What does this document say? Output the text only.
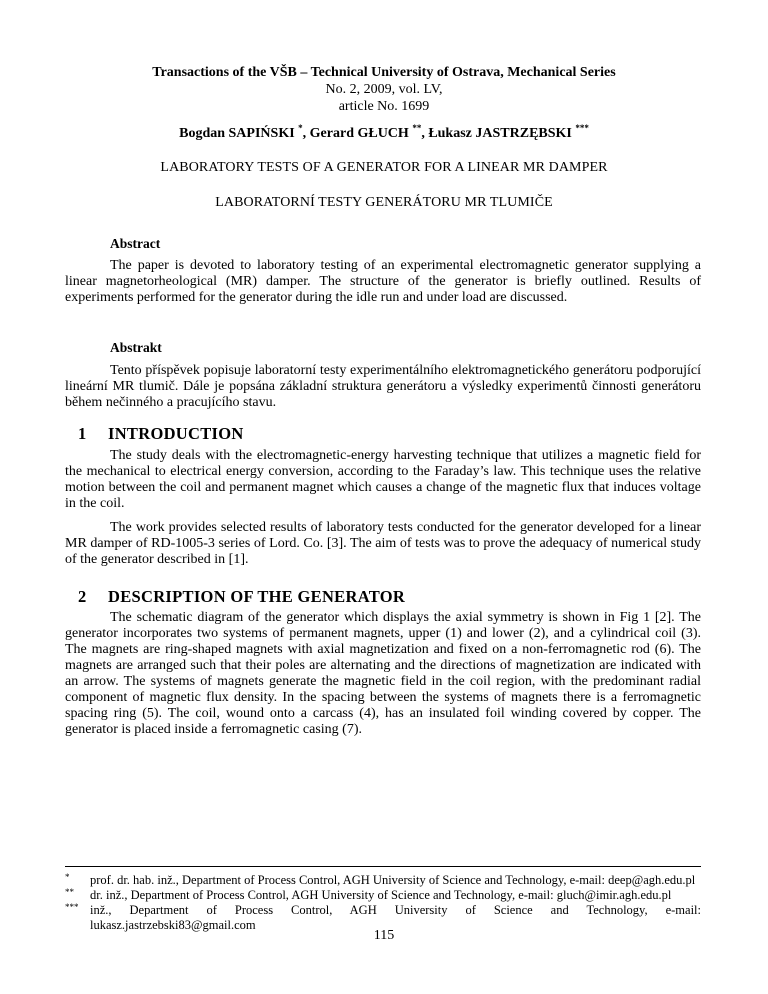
Transactions of the VŠB – Technical University of Ostrava, Mechanical Series
No. 2, 2009, vol. LV,
article No. 1699
Bogdan SAPIŃSKI *, Gerard GŁUCH **, Łukasz JASTRZĘBSKI ***
LABORATORY TESTS OF A GENERATOR FOR A LINEAR MR DAMPER
LABORATORNÍ TESTY GENERÁTORU MR TLUMIČE
Abstract

The paper is devoted to laboratory testing of an experimental electromagnetic generator supplying a linear magnetorheological (MR) damper. The structure of the generator is briefly outlined. Results of experiments performed for the generator during the idle run and under load are discussed.

Abstrakt

Tento příspěvek popisuje laboratorní testy experimentálního elektromagnetického generátoru podporující lineární MR tlumič. Dále je popsána základní struktura generátoru a výsledky experimentů činnosti generátoru během nečinného a pracujícího stavu.

1 INTRODUCTION

The study deals with the electromagnetic-energy harvesting technique that utilizes a magnetic field for the mechanical to electrical energy conversion, according to the Faraday’s law. This technique uses the relative motion between the coil and permanent magnet which causes a change of the magnetic flux that induces voltage in the coil.

The work provides selected results of laboratory tests conducted for the generator developed for a linear MR damper of RD-1005-3 series of Lord. Co. [3]. The aim of tests was to prove the adequacy of numerical study of the generator described in [1].

2 DESCRIPTION OF THE GENERATOR

The schematic diagram of the generator which displays the axial symmetry is shown in Fig 1 [2]. The generator incorporates two systems of permanent magnets, upper (1) and lower (2), and a cylindrical coil (3). The magnets are ring-shaped magnets with axial magnetization and fixed on a non-ferromagnetic rod (6). The magnets are arranged such that their poles are alternating and the directions of magnetization are indicated with an arrow. The systems of magnets generate the magnetic field in the coil region, with the predominant radial component of magnetic flux density. In the spacing between the systems of magnets there is a ferromagnetic spacing ring (5). The coil, wound onto a carcass (4), has an insulated foil winding covered by copper. The generator is placed inside a ferromagnetic casing (7).

* prof. dr. hab. inž., Department of Process Control, AGH University of Science and Technology, e-mail: deep@agh.edu.pl
** dr. inž., Department of Process Control, AGH University of Science and Technology, e-mail: gluch@imir.agh.edu.pl
*** inž., Department of Process Control, AGH University of Science and Technology, e-mail: lukasz.jastrzebski83@gmail.com
115
